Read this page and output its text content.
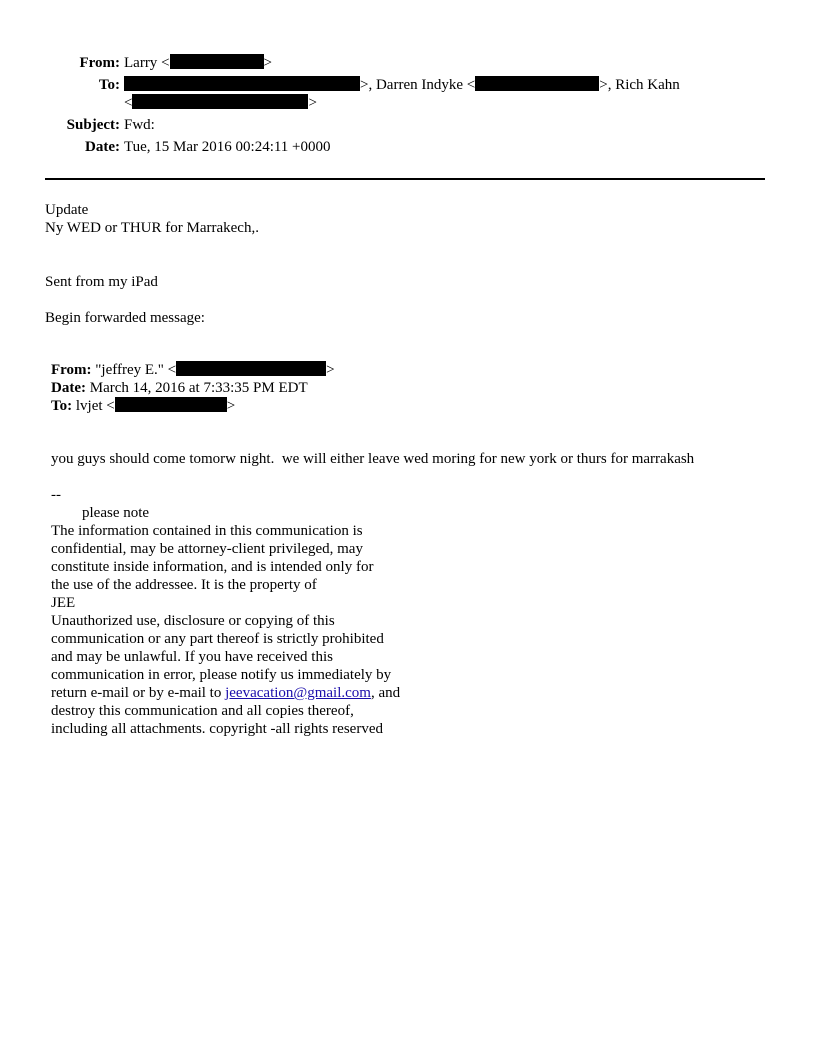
From: Larry <	>
To:	>, Darren Indyke <	>, Rich Kahn
<	>
Subject: Fwd:
Date: Tue, 15 Mar 2016 00:24:11 +0000
Update
Ny WED or THUR for Marrakech,.
Sent from my iPad
Begin forwarded message:
From: "jeffrey E." <	>
Date: March 14, 2016 at 7:33:35 PM EDT
To: lvjet <	>
you guys should come tomorw night.  we will either leave wed moring for new york or thurs for marrakash
--
please note
The information contained in this communication is
confidential, may be attorney-client privileged, may
constitute inside information, and is intended only for
the use of the addressee. It is the property of
JEE
Unauthorized use, disclosure or copying of this
communication or any part thereof is strictly prohibited
and may be unlawful. If you have received this
communication in error, please notify us immediately by
return e-mail or by e-mail to jeevacation@gmail.com, and
destroy this communication and all copies thereof,
including all attachments. copyright -all rights reserved
